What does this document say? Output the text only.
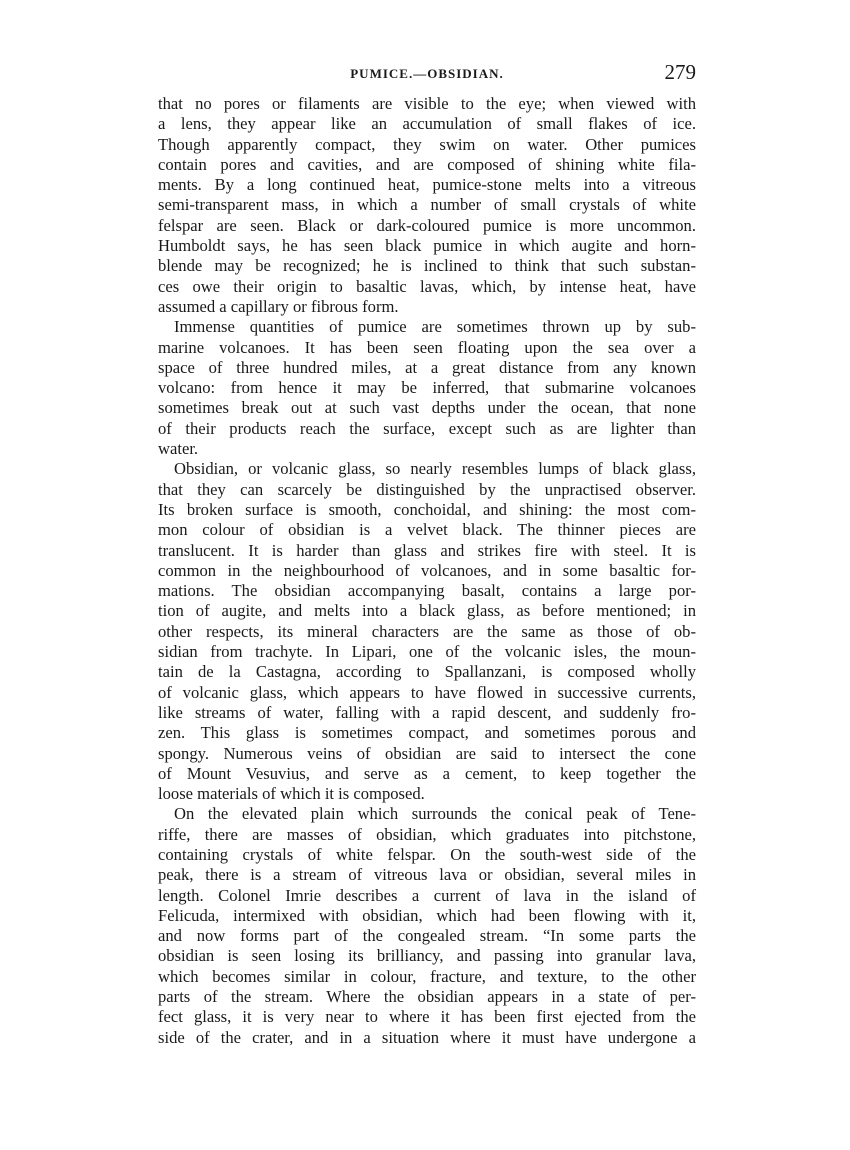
PUMICE.—OBSIDIAN.	279
that no pores or filaments are visible to the eye; when viewed with
a lens, they appear like an accumulation of small flakes of ice.
Though apparently compact, they swim on water. Other pumices
contain pores and cavities, and are composed of shining white fila-
ments. By a long continued heat, pumice-stone melts into a vitreous
semi-transparent mass, in which a number of small crystals of white
felspar are seen. Black or dark-coloured pumice is more uncommon.
Humboldt says, he has seen black pumice in which augite and horn-
blende may be recognized; he is inclined to think that such substan-
ces owe their origin to basaltic lavas, which, by intense heat, have
assumed a capillary or fibrous form.
Immense quantities of pumice are sometimes thrown up by sub-
marine volcanoes. It has been seen floating upon the sea over a
space of three hundred miles, at a great distance from any known
volcano: from hence it may be inferred, that submarine volcanoes
sometimes break out at such vast depths under the ocean, that none
of their products reach the surface, except such as are lighter than
water.
Obsidian, or volcanic glass, so nearly resembles lumps of black glass,
that they can scarcely be distinguished by the unpractised observer.
Its broken surface is smooth, conchoidal, and shining: the most com-
mon colour of obsidian is a velvet black. The thinner pieces are
translucent. It is harder than glass and strikes fire with steel. It is
common in the neighbourhood of volcanoes, and in some basaltic for-
mations. The obsidian accompanying basalt, contains a large por-
tion of augite, and melts into a black glass, as before mentioned; in
other respects, its mineral characters are the same as those of ob-
sidian from trachyte. In Lipari, one of the volcanic isles, the moun-
tain de la Castagna, according to Spallanzani, is composed wholly
of volcanic glass, which appears to have flowed in successive currents,
like streams of water, falling with a rapid descent, and suddenly fro-
zen. This glass is sometimes compact, and sometimes porous and
spongy. Numerous veins of obsidian are said to intersect the cone
of Mount Vesuvius, and serve as a cement, to keep together the
loose materials of which it is composed.
On the elevated plain which surrounds the conical peak of Tene-
riffe, there are masses of obsidian, which graduates into pitchstone,
containing crystals of white felspar. On the south-west side of the
peak, there is a stream of vitreous lava or obsidian, several miles in
length. Colonel Imrie describes a current of lava in the island of
Felicuda, intermixed with obsidian, which had been flowing with it,
and now forms part of the congealed stream. “In some parts the
obsidian is seen losing its brilliancy, and passing into granular lava,
which becomes similar in colour, fracture, and texture, to the other
parts of the stream. Where the obsidian appears in a state of per-
fect glass, it is very near to where it has been first ejected from the
side of the crater, and in a situation where it must have undergone a
